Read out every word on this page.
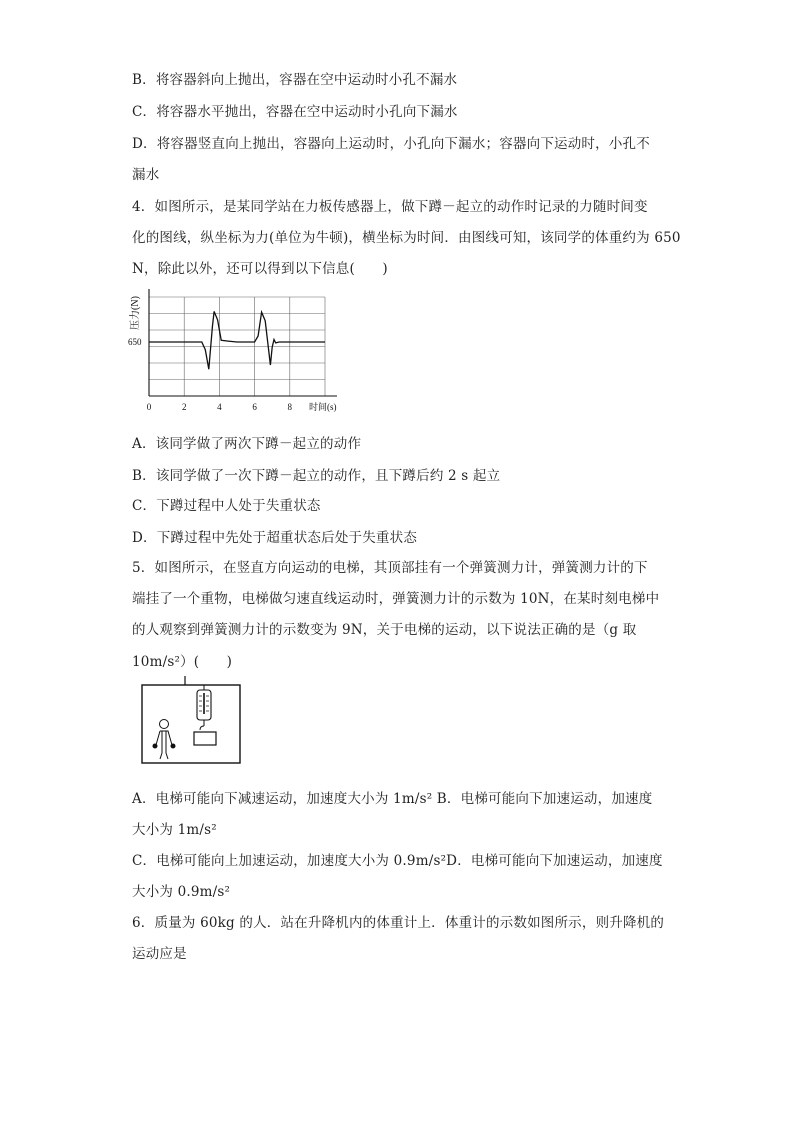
B．将容器斜向上抛出，容器在空中运动时小孔不漏水
C．将容器水平抛出，容器在空中运动时小孔向下漏水
D．将容器竖直向上抛出，容器向上运动时，小孔向下漏水；容器向下运动时，小孔不
漏水
4．如图所示，是某同学站在力板传感器上，做下蹲－起立的动作时记录的力随时间变
化的图线，纵坐标为力(单位为牛顿)，横坐标为时间．由图线可知，该同学的体重约为 650
N，除此以外，还可以得到以下信息(　　)
压力(N)
650
0	2	4	6	8 时间(s)
A．该同学做了两次下蹲－起立的动作
B．该同学做了一次下蹲－起立的动作，且下蹲后约 2 s 起立
C．下蹲过程中人处于失重状态
D．下蹲过程中先处于超重状态后处于失重状态
5．如图所示，在竖直方向运动的电梯，其顶部挂有一个弹簧测力计，弹簧测力计的下
端挂了一个重物，电梯做匀速直线运动时，弹簧测力计的示数为 10N，在某时刻电梯中
的人观察到弹簧测力计的示数变为 9N，关于电梯的运动，以下说法正确的是（g 取
10m/s²）(　　)
A．电梯可能向下减速运动，加速度大小为 1m/s² B．电梯可能向下加速运动，加速度
大小为 1m/s²
C．电梯可能向上加速运动，加速度大小为 0.9m/s²D．电梯可能向下加速运动，加速度
大小为 0.9m/s²
6．质量为 60kg 的人．站在升降机内的体重计上．体重计的示数如图所示，则升降机的
运动应是
